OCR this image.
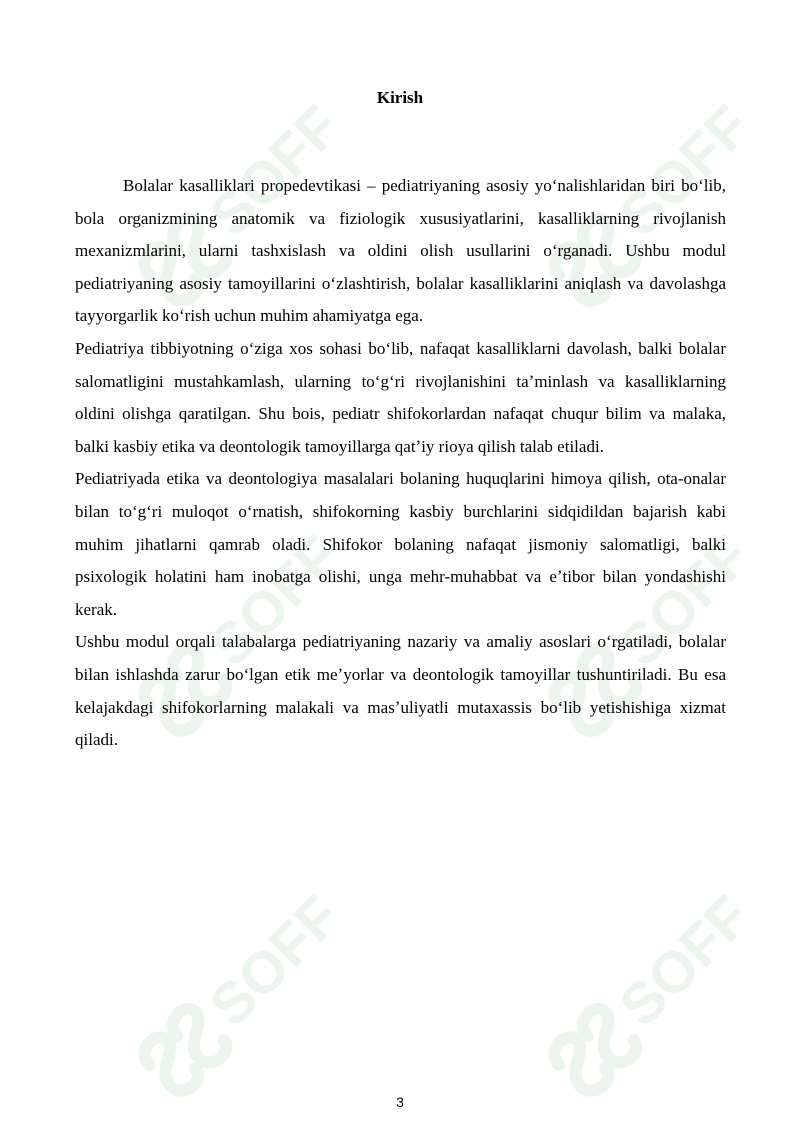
SOFF	SOFF
SOFF	SOFF
SOFF	SOFF
Kirish

Bolalar kasalliklari propedevtikasi – pediatriyaning asosiy yoʻnalishlaridan biri boʻlib, bola organizmining anatomik va fiziologik xususiyatlarini, kasalliklarning rivojlanish mexanizmlarini, ularni tashxislash va oldini olish usullarini oʻrganadi. Ushbu modul pediatriyaning asosiy tamoyillarini oʻzlashtirish, bolalar kasalliklarini aniqlash va davolashga tayyorgarlik koʻrish uchun muhim ahamiyatga ega.

Pediatriya tibbiyotning oʻziga xos sohasi boʻlib, nafaqat kasalliklarni davolash, balki bolalar salomatligini mustahkamlash, ularning toʻgʻri rivojlanishini taʼminlash va kasalliklarning oldini olishga qaratilgan. Shu bois, pediatr shifokorlardan nafaqat chuqur bilim va malaka, balki kasbiy etika va deontologik tamoyillarga qatʼiy rioya qilish talab etiladi.

Pediatriyada etika va deontologiya masalalari bolaning huquqlarini himoya qilish, ota-onalar bilan toʻgʻri muloqot oʻrnatish, shifokorning kasbiy burchlarini sidqidildan bajarish kabi muhim jihatlarni qamrab oladi. Shifokor bolaning nafaqat jismoniy salomatligi, balki psixologik holatini ham inobatga olishi, unga mehr-muhabbat va eʼtibor bilan yondashishi kerak.

Ushbu modul orqali talabalarga pediatriyaning nazariy va amaliy asoslari oʻrgatiladi, bolalar bilan ishlashda zarur boʻlgan etik meʼyorlar va deontologik tamoyillar tushuntiriladi. Bu esa kelajakdagi shifokorlarning malakali va masʼuliyatli mutaxassis boʻlib yetishishiga xizmat qiladi.

3
